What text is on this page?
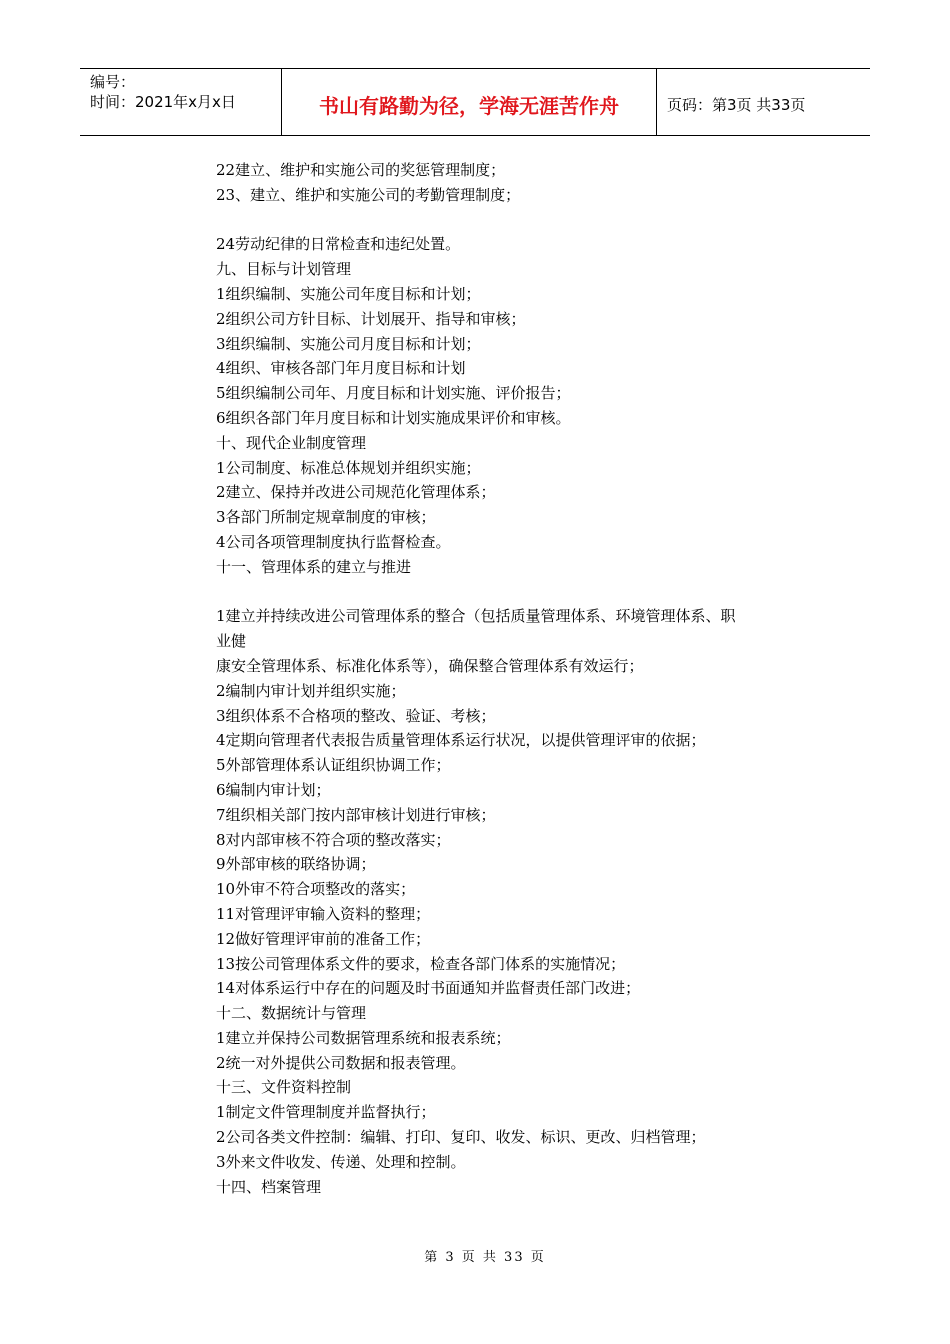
编号：
时间：2021年x月x日	书山有路勤为径，学海无涯苦作舟	页码：第3页 共33页
22建立、维护和实施公司的奖惩管理制度；
23、建立、维护和实施公司的考勤管理制度；
24劳动纪律的日常检查和违纪处置。
九、目标与计划管理
1组织编制、实施公司年度目标和计划；
2组织公司方针目标、计划展开、指导和审核；
3组织编制、实施公司月度目标和计划；
4组织、审核各部门年月度目标和计划
5组织编制公司年、月度目标和计划实施、评价报告；
6组织各部门年月度目标和计划实施成果评价和审核。
十、现代企业制度管理
1公司制度、标准总体规划并组织实施；
2建立、保持并改进公司规范化管理体系；
3各部门所制定规章制度的审核；
4公司各项管理制度执行监督检查。
十一、管理体系的建立与推进
1建立并持续改进公司管理体系的整合（包括质量管理体系、环境管理体系、职
业健
康安全管理体系、标准化体系等），确保整合管理体系有效运行；
2编制内审计划并组织实施；
3组织体系不合格项的整改、验证、考核；
4定期向管理者代表报告质量管理体系运行状况，以提供管理评审的依据；
5外部管理体系认证组织协调工作；
6编制内审计划；
7组织相关部门按内部审核计划进行审核；
8对内部审核不符合项的整改落实；
9外部审核的联络协调；
10外审不符合项整改的落实；
11对管理评审输入资料的整理；
12做好管理评审前的准备工作；
13按公司管理体系文件的要求，检查各部门体系的实施情况；
14对体系运行中存在的问题及时书面通知并监督责任部门改进；
十二、数据统计与管理
1建立并保持公司数据管理系统和报表系统；
2统一对外提供公司数据和报表管理。
十三、文件资料控制
1制定文件管理制度并监督执行；
2公司各类文件控制：编辑、打印、复印、收发、标识、更改、归档管理；
3外来文件收发、传递、处理和控制。
十四、档案管理
第 3 页 共 33 页
